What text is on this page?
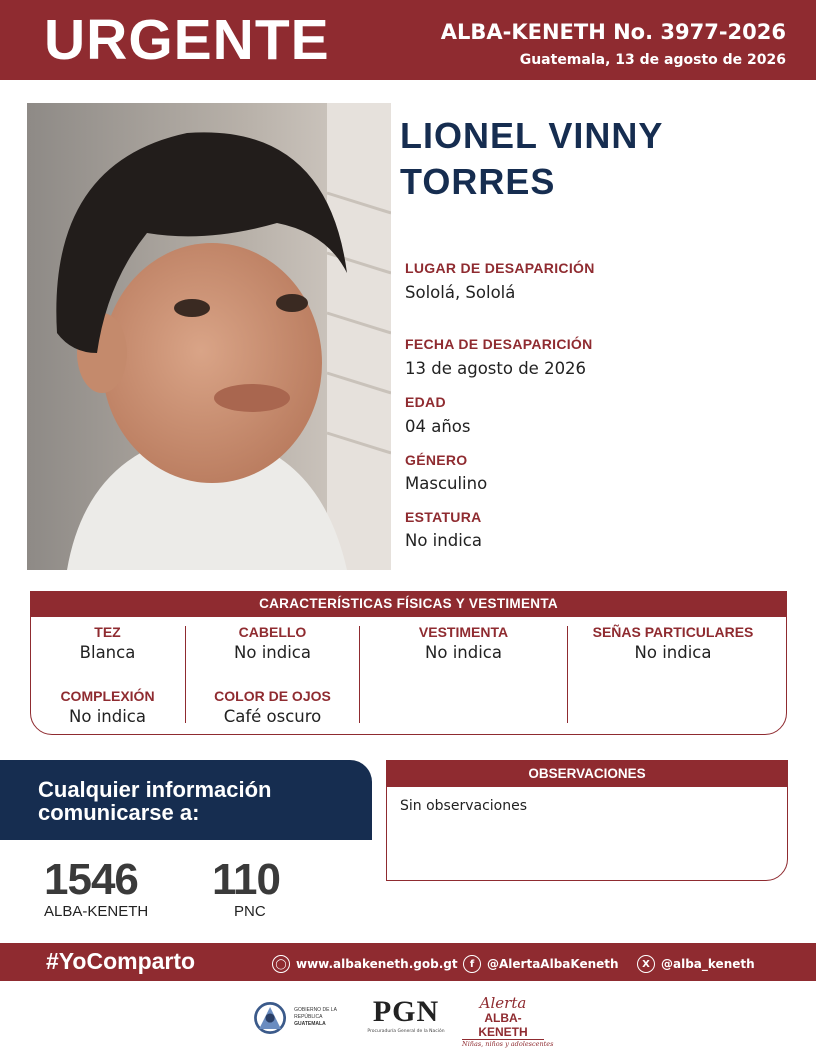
URGENTE	ALBA-KENETH No. 3977-2026
Guatemala, 13 de agosto de 2026
LIONEL VINNY
TORRES
LUGAR DE DESAPARICIÓN
Sololá, Sololá
FECHA DE DESAPARICIÓN
13 de agosto de 2026
EDAD
04 años
GÉNERO
Masculino
ESTATURA
No indica
CARACTERÍSTICAS FÍSICAS Y VESTIMENTA
TEZ
Blanca
COMPLEXIÓN
No indica
CABELLO
No indica
COLOR DE OJOS
Café oscuro
VESTIMENTA
No indica
SEÑAS PARTICULARES
No indica
Cualquier información
comunicarse a:
1546
ALBA-KENETH
110
PNC
OBSERVACIONES
Sin observaciones
#YoComparto	◯ www.albakeneth.gob.gt	f	@AlertaAlbaKeneth	X @alba_keneth
GOBIERNO DE LA REPÚBLICA
GUATEMALA	PGN
Procuraduría General de la Nación
Alerta
ALBA-KENETH
Niñas, niños y adolescentes
